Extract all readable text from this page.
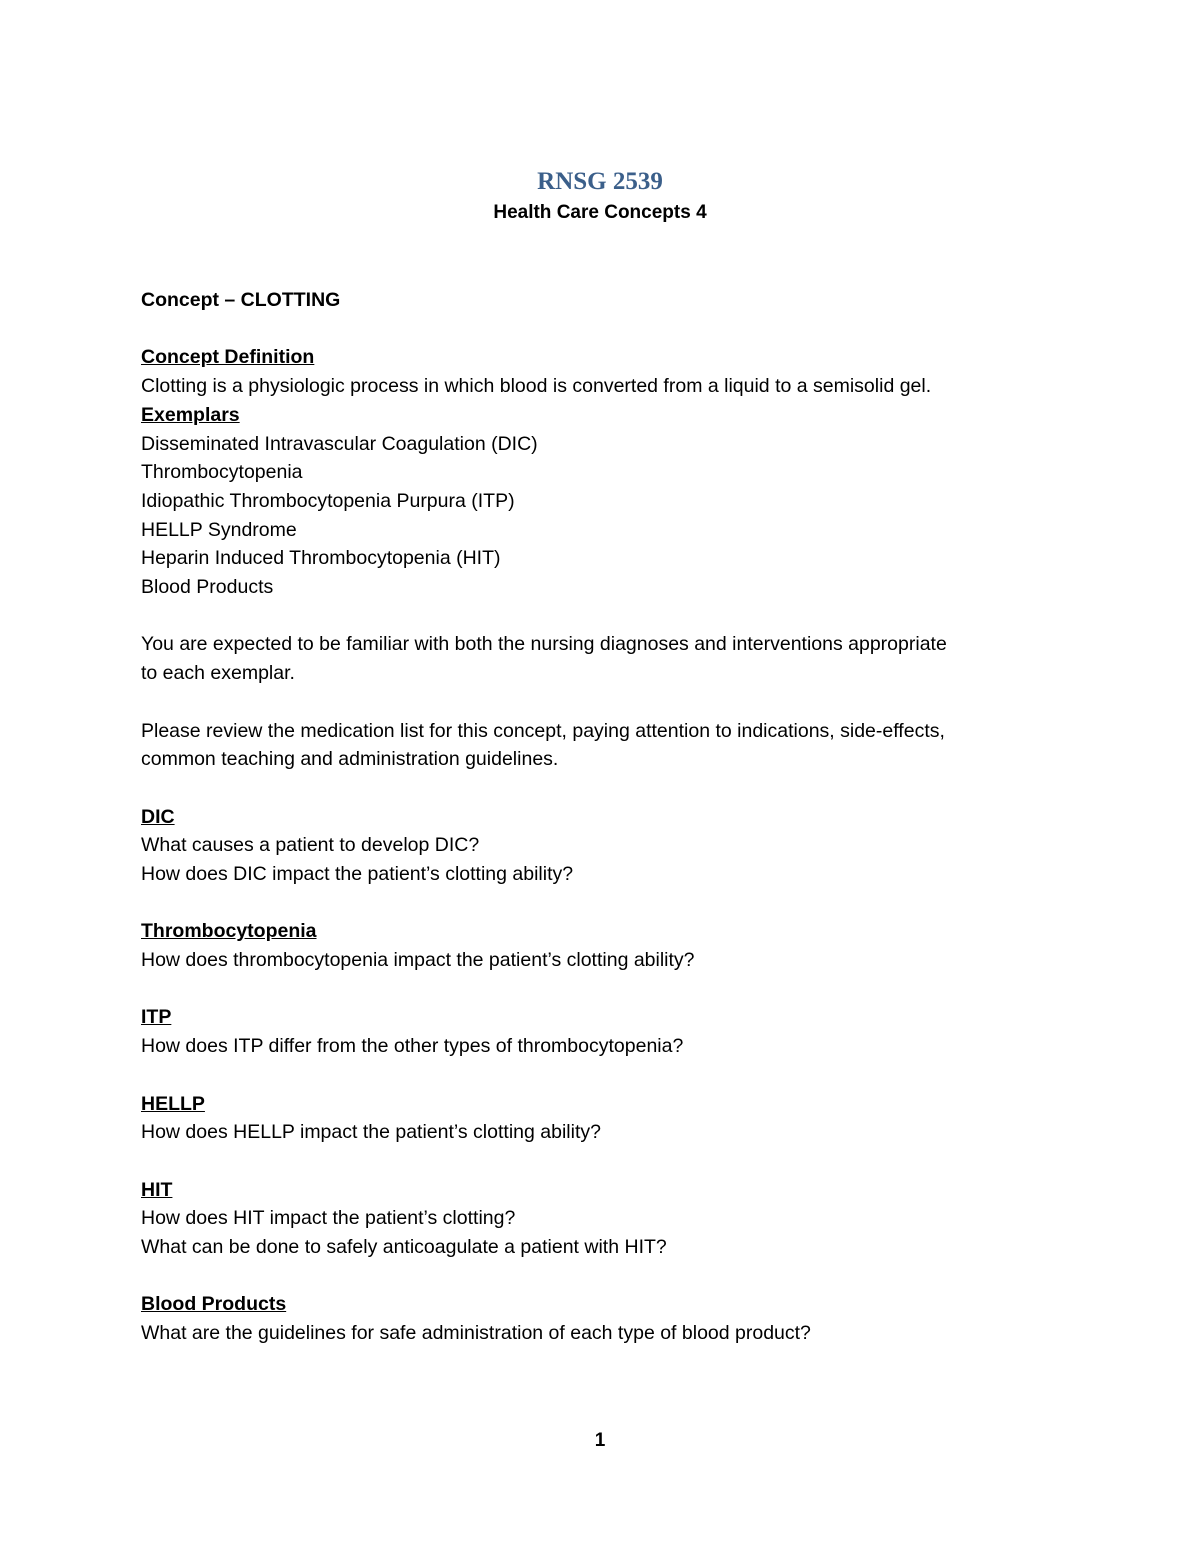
RNSG 2539
Health Care Concepts 4
Concept – CLOTTING
Concept Definition
Clotting is a physiologic process in which blood is converted from a liquid to a semisolid gel.
Exemplars
Disseminated Intravascular Coagulation (DIC)
Thrombocytopenia
Idiopathic Thrombocytopenia Purpura (ITP)
HELLP Syndrome
Heparin Induced Thrombocytopenia (HIT)
Blood Products
You are expected to be familiar with both the nursing diagnoses and interventions appropriate
to each exemplar.
Please review the medication list for this concept, paying attention to indications, side-effects,
common teaching and administration guidelines.
DIC
What causes a patient to develop DIC?
How does DIC impact the patient’s clotting ability?
Thrombocytopenia
How does thrombocytopenia impact the patient’s clotting ability?
ITP
How does ITP differ from the other types of thrombocytopenia?
HELLP
How does HELLP impact the patient’s clotting ability?
HIT
How does HIT impact the patient’s clotting?
What can be done to safely anticoagulate a patient with HIT?
Blood Products
What are the guidelines for safe administration of each type of blood product?
1
